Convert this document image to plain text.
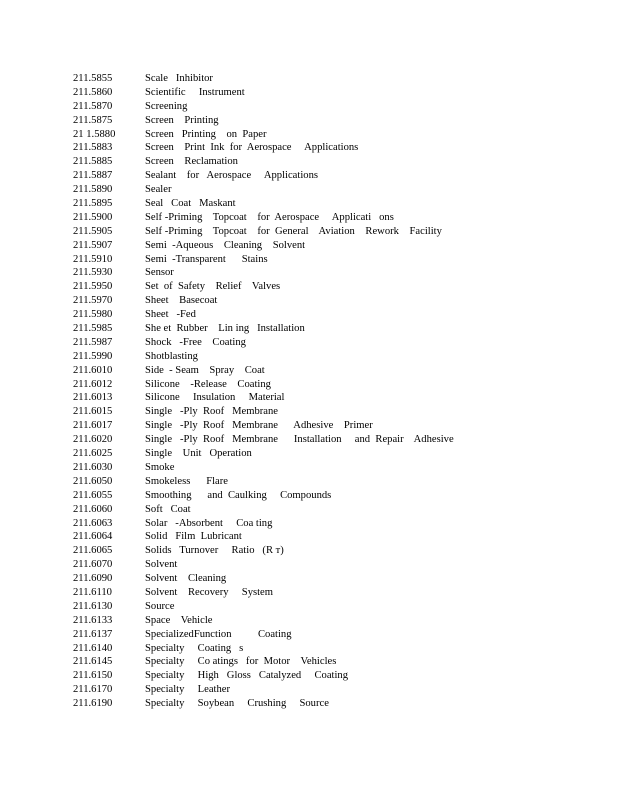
211.5855	Scale   Inhibitor
211.5860	Scientific     Instrument
211.5870	Screening
211.5875	Screen    Printing
21 1.5880	Screen   Printing    on  Paper
211.5883	Screen    Print  Ink  for  Aerospace     Applications
211.5885	Screen    Reclamation
211.5887	Sealant    for   Aerospace     Applications
211.5890	Sealer
211.5895	Seal   Coat   Maskant
211.5900	Self -Priming    Topcoat    for  Aerospace     Applicati   ons
211.5905	Self -Priming    Topcoat    for  General    Aviation    Rework    Facility
211.5907	Semi  -Aqueous    Cleaning    Solvent
211.5910	Semi  -Transparent      Stains
211.5930	Sensor
211.5950	Set  of  Safety    Relief    Valves
211.5970	Sheet    Basecoat
211.5980	Sheet   -Fed
211.5985	She et  Rubber    Lin ing   Installation
211.5987	Shock   -Free    Coating
211.5990	Shotblasting
211.6010	Side  - Seam    Spray    Coat
211.6012	Silicone    -Release    Coating
211.6013	Silicone     Insulation     Material
211.6015	Single   -Ply  Roof   Membrane
211.6017	Single   -Ply  Roof   Membrane      Adhesive    Primer
211.6020	Single   -Ply  Roof   Membrane      Installation     and  Repair    Adhesive
211.6025	Single    Unit   Operation
211.6030	Smoke
211.6050	Smokeless      Flare
211.6055	Smoothing      and  Caulking     Compounds
211.6060	Soft   Coat
211.6063	Solar   -Absorbent     Coa ting
211.6064	Solid   Film  Lubricant
211.6065	Solids   Turnover     Ratio   (R ᴛ)
211.6070	Solvent
211.6090	Solvent    Cleaning
211.6110	Solvent    Recovery     System
211.6130	Source
211.6133	Space    Vehicle
211.6137	SpecializedFunction          Coating
211.6140	Specialty     Coating   s
211.6145	Specialty     Co atings   for  Motor    Vehicles
211.6150	Specialty     High   Gloss   Catalyzed     Coating
211.6170	Specialty     Leather
211.6190	Specialty     Soybean     Crushing     Source
